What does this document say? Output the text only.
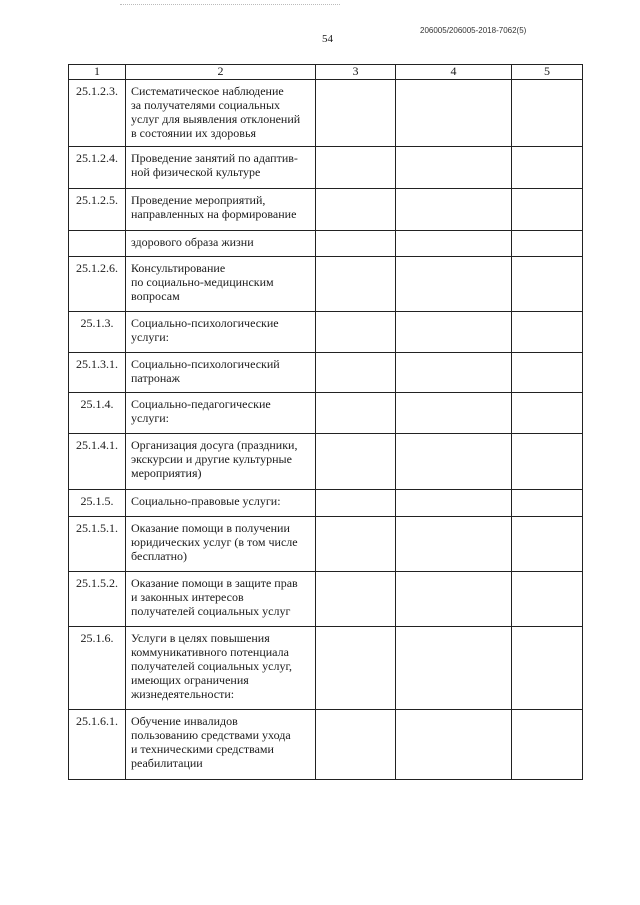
206005/206005-2018-7062(5)
54
1	2	3	4	5
25.1.2.3.	Систематическое наблюдение
за получателями социальных
услуг для выявления отклонений
в состоянии их здоровья			
25.1.2.4.	Проведение занятий по адаптив-
ной физической культуре			
25.1.2.5.	Проведение мероприятий,
направленных на формирование			
	здорового образа жизни			
25.1.2.6.	Консультирование
по социально-медицинским
вопросам			
25.1.3.	Социально-психологические
услуги:			
25.1.3.1.	Социально-психологический
патронаж			
25.1.4.	Социально-педагогические
услуги:			
25.1.4.1.	Организация досуга (праздники,
экскурсии и другие культурные
мероприятия)			
25.1.5.	Социально-правовые услуги:			
25.1.5.1.	Оказание помощи в получении
юридических услуг (в том числе
бесплатно)			
25.1.5.2.	Оказание помощи в защите прав
и законных интересов
получателей социальных услуг			
25.1.6.	Услуги в целях повышения
коммуникативного потенциала
получателей социальных услуг,
имеющих ограничения
жизнедеятельности:			
25.1.6.1.	Обучение инвалидов
пользованию средствами ухода
и техническими средствами
реабилитации			
